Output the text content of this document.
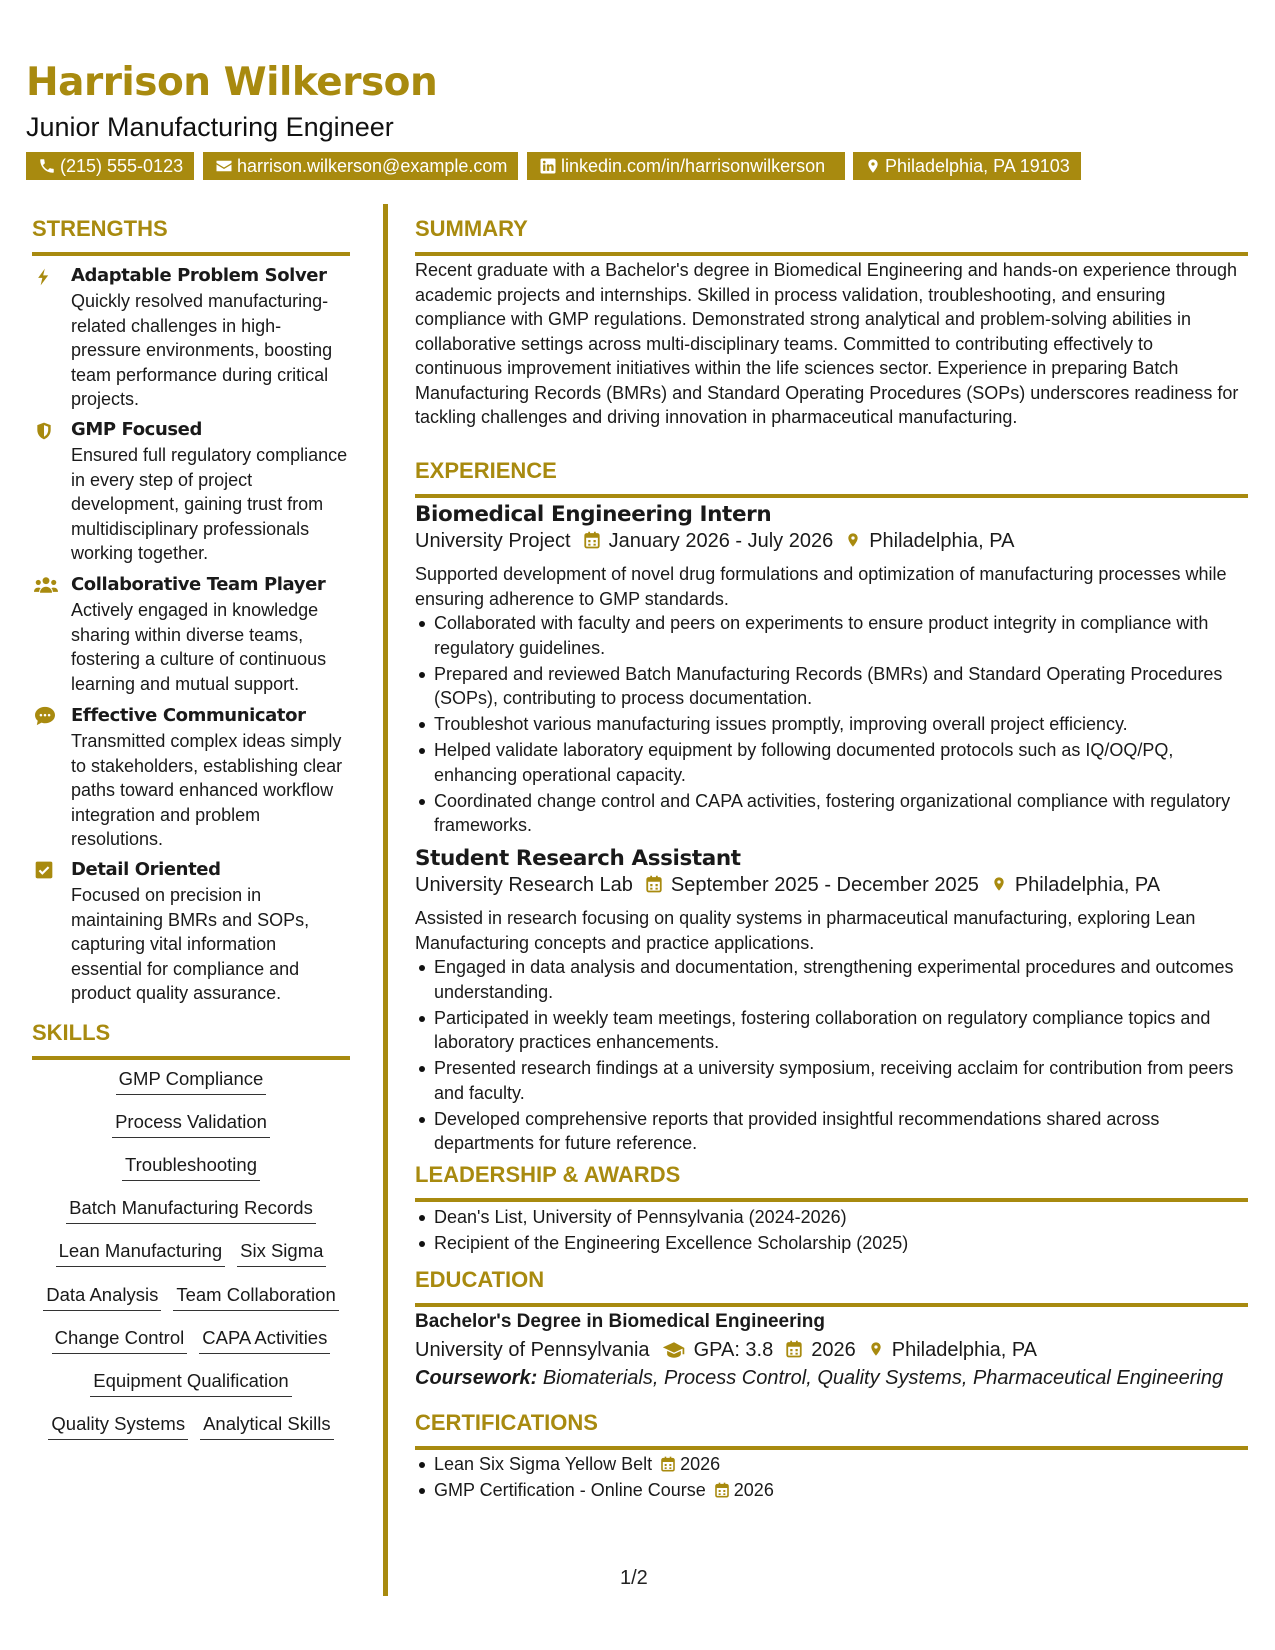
Harrison Wilkerson
Junior Manufacturing Engineer
(215) 555-0123	harrison.wilkerson@example.com	linkedin.com/in/harrisonwilkerson	Philadelphia, PA 19103
STRENGTHS
Adaptable Problem Solver

Quickly resolved manufacturing-related challenges in high-pressure environments, boosting team performance during critical projects.

GMP Focused

Ensured full regulatory compliance in every step of project development, gaining trust from multidisciplinary professionals working together.

Collaborative Team Player

Actively engaged in knowledge sharing within diverse teams, fostering a culture of continuous learning and mutual support.

Effective Communicator

Transmitted complex ideas simply to stakeholders, establishing clear paths toward enhanced workflow integration and problem resolutions.

Detail Oriented

Focused on precision in maintaining BMRs and SOPs, capturing vital information essential for compliance and product quality assurance.

SKILLS
GMP Compliance
Process Validation
Troubleshooting
Batch Manufacturing Records
Lean Manufacturing Six Sigma
Data Analysis Team Collaboration
Change Control CAPA Activities
Equipment Qualification
Quality Systems Analytical Skills
SUMMARY

Recent graduate with a Bachelor's degree in Biomedical Engineering and hands-on experience through academic projects and internships. Skilled in process validation, troubleshooting, and ensuring compliance with GMP regulations. Demonstrated strong analytical and problem-solving abilities in collaborative settings across multi-disciplinary teams. Committed to contributing effectively to continuous improvement initiatives within the life sciences sector. Experience in preparing Batch Manufacturing Records (BMRs) and Standard Operating Procedures (SOPs) underscores readiness for tackling challenges and driving innovation in pharmaceutical manufacturing.

EXPERIENCE
Biomedical Engineering Intern
University Project January 2026 - July 2026 Philadelphia, PA

Supported development of novel drug formulations and optimization of manufacturing processes while ensuring adherence to GMP standards.

Collaborated with faculty and peers on experiments to ensure product integrity in compliance with regulatory guidelines.
Prepared and reviewed Batch Manufacturing Records (BMRs) and Standard Operating Procedures (SOPs), contributing to process documentation.
Troubleshot various manufacturing issues promptly, improving overall project efficiency.
Helped validate laboratory equipment by following documented protocols such as IQ/OQ/PQ, enhancing operational capacity.
Coordinated change control and CAPA activities, fostering organizational compliance with regulatory frameworks.
Student Research Assistant
University Research Lab September 2025 - December 2025 Philadelphia, PA

Assisted in research focusing on quality systems in pharmaceutical manufacturing, exploring Lean Manufacturing concepts and practice applications.

Engaged in data analysis and documentation, strengthening experimental procedures and outcomes understanding.
Participated in weekly team meetings, fostering collaboration on regulatory compliance topics and laboratory practices enhancements.
Presented research findings at a university symposium, receiving acclaim for contribution from peers and faculty.
Developed comprehensive reports that provided insightful recommendations shared across departments for future reference.
LEADERSHIP & AWARDS
Dean's List, University of Pennsylvania (2024-2026)
Recipient of the Engineering Excellence Scholarship (2025)
EDUCATION
Bachelor's Degree in Biomedical Engineering
University of Pennsylvania GPA: 3.8 2026 Philadelphia, PA
Coursework: Biomaterials, Process Control, Quality Systems, Pharmaceutical Engineering
CERTIFICATIONS
Lean Six Sigma Yellow Belt 2026
GMP Certification - Online Course 2026
1/2
